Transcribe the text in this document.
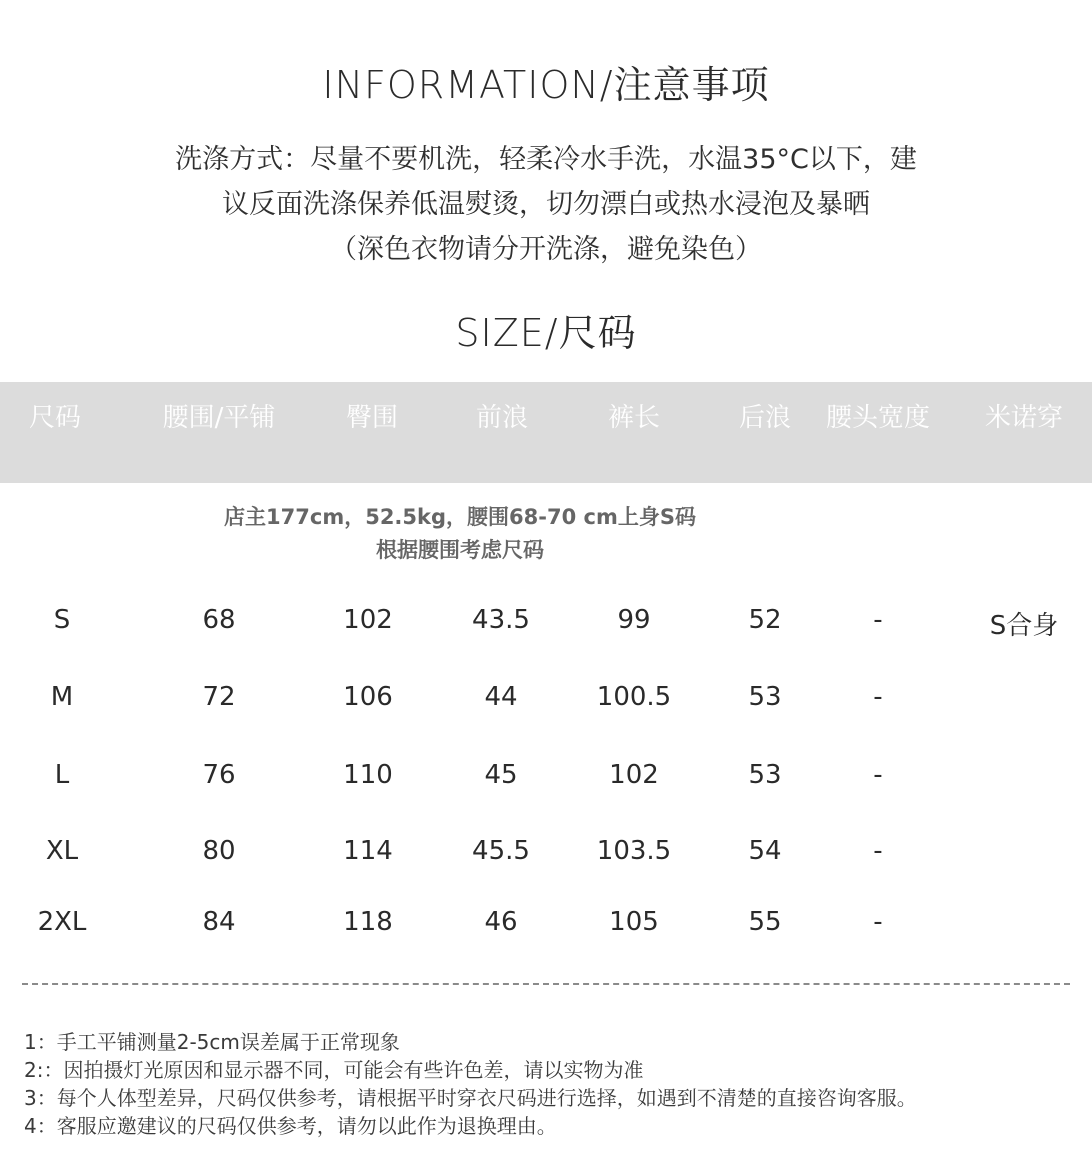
INFORMATION/注意事项
洗涤方式：尽量不要机洗，轻柔冷水手洗，水温35°C以下，建
议反面洗涤保养低温熨烫，切勿漂白或热水浸泡及暴晒
（深色衣物请分开洗涤，避免染色）
SIZE/尺码
尺码	腰围/平铺	臀围	前浪	裤长	后浪 腰头宽度 米诺穿
店主177cm，52.5kg，腰围68-70 cm上身S码
根据腰围考虑尺码
S	68	102	43.5	99	52	-	S合身
M	72	106	44	100.5	53	-
L	76	110	45	102	53	-
XL	80	114	45.5	103.5	54	-
2XL	84	118	46	105	55	-
1：手工平铺测量2-5cm误差属于正常现象
2:：因拍摄灯光原因和显示器不同，可能会有些许色差，请以实物为准
3：每个人体型差异，尺码仅供参考，请根据平时穿衣尺码进行选择，如遇到不清楚的直接咨询客服。
4：客服应邀建议的尺码仅供参考，请勿以此作为退换理由。
